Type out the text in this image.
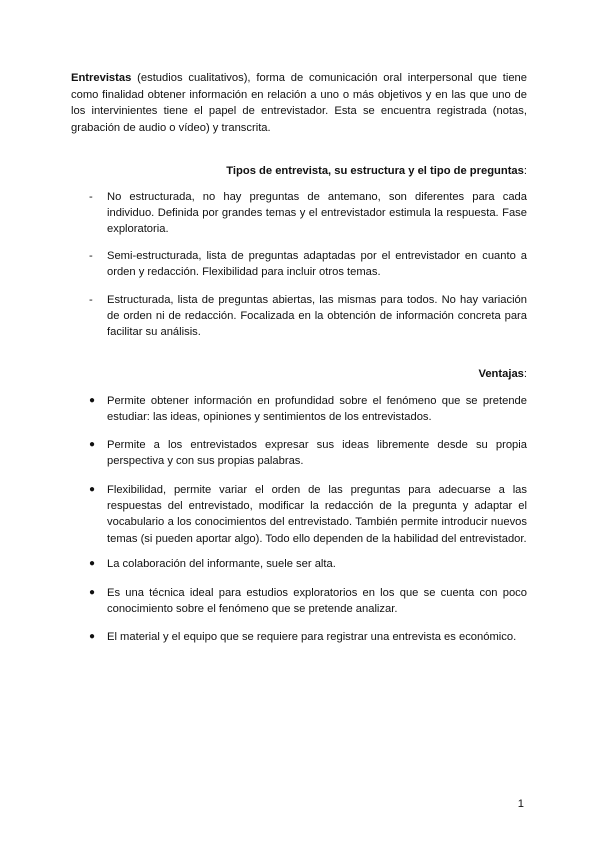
Entrevistas (estudios cualitativos), forma de comunicación oral interpersonal que tiene como finalidad obtener información en relación a uno o más objetivos y en las que uno de los intervinientes tiene el papel de entrevistador. Esta se encuentra registrada (notas, grabación de audio o vídeo) y transcrita.

Tipos de entrevista, su estructura y el tipo de preguntas:
-	No estructurada, no hay preguntas de antemano, son diferentes para cada individuo. Definida por grandes temas y el entrevistador estimula la respuesta. Fase exploratoria.
-	Semi-estructurada, lista de preguntas adaptadas por el entrevistador en cuanto a orden y redacción. Flexibilidad para incluir otros temas.
-	Estructurada, lista de preguntas abiertas, las mismas para todos. No hay variación de orden ni de redacción. Focalizada en la obtención de información concreta para facilitar su análisis.
Ventajas:
●	Permite obtener información en profundidad sobre el fenómeno que se pretende estudiar: las ideas, opiniones y sentimientos de los entrevistados.
●	Permite a los entrevistados expresar sus ideas libremente desde su propia perspectiva y con sus propias palabras.
●	Flexibilidad, permite variar el orden de las preguntas para adecuarse a las respuestas del entrevistado, modificar la redacción de la pregunta y adaptar el vocabulario a los conocimientos del entrevistado. También permite introducir nuevos temas (si pueden aportar algo). Todo ello dependen de la habilidad del entrevistador.
●	La colaboración del informante, suele ser alta.
●	Es una técnica ideal para estudios exploratorios en los que se cuenta con poco conocimiento sobre el fenómeno que se pretende analizar.
●	El material y el equipo que se requiere para registrar una entrevista es económico.
1
